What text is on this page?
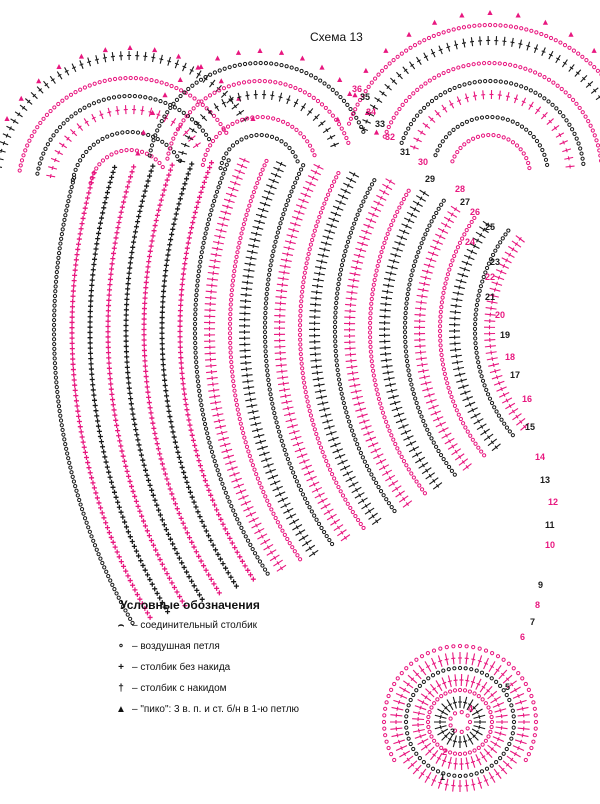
1
2
3
4
5
6
7
8
9
10
11
12
13
14
15
16
17
18
19
20
21
22
23
24
25
26
27
28
29
30
31
32
33
34
35
36
Схема 13
Условные обозначения
⌢ – соединительный столбик
∘ – воздушная петля
+ – столбик без накида
† – столбик с накидом
▲ – "пико": 3 в. п. и ст. б/н в 1-ю петлю
